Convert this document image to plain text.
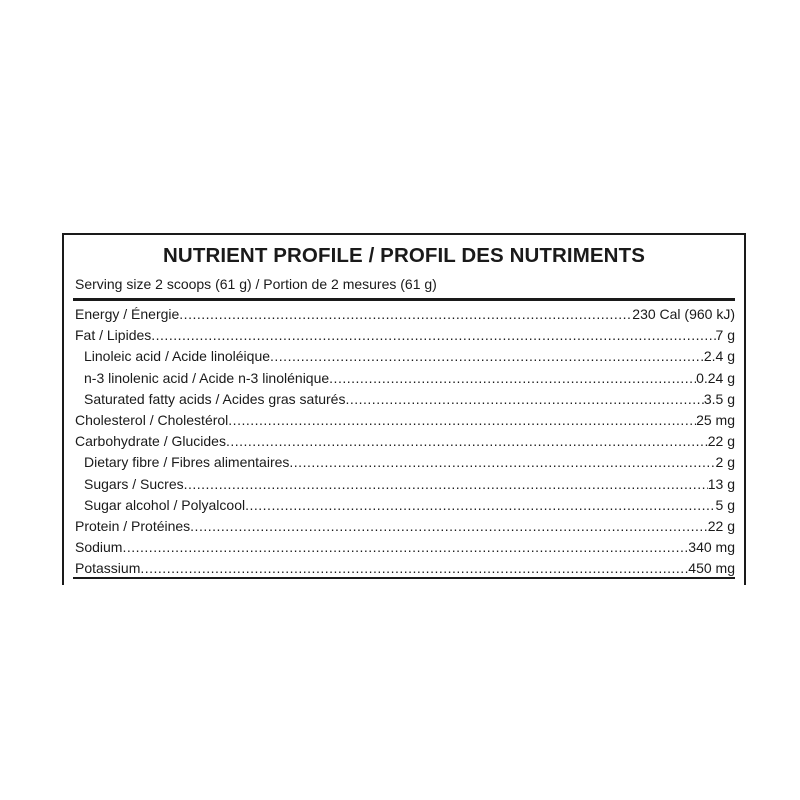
NUTRIENT PROFILE / PROFIL DES NUTRIMENTS
Serving size 2 scoops (61 g) / Portion de 2 mesures (61 g)
Energy / Énergie .....	230 Cal (960 kJ)
Fat / Lipides .....	7 g
Linoleic acid / Acide linoléique .....	2.4 g
n-3 linolenic acid / Acide n-3 linolénique .....	0.24 g
Saturated fatty acids / Acides gras saturés .....	3.5 g
Cholesterol / Cholestérol .....	25 mg
Carbohydrate / Glucides .....	22 g
Dietary fibre / Fibres alimentaires .....	2 g
Sugars / Sucres .....	13 g
Sugar alcohol / Polyalcool .....	5 g
Protein / Protéines .....	22 g
Sodium .....	340 mg
Potassium .....	450 mg
